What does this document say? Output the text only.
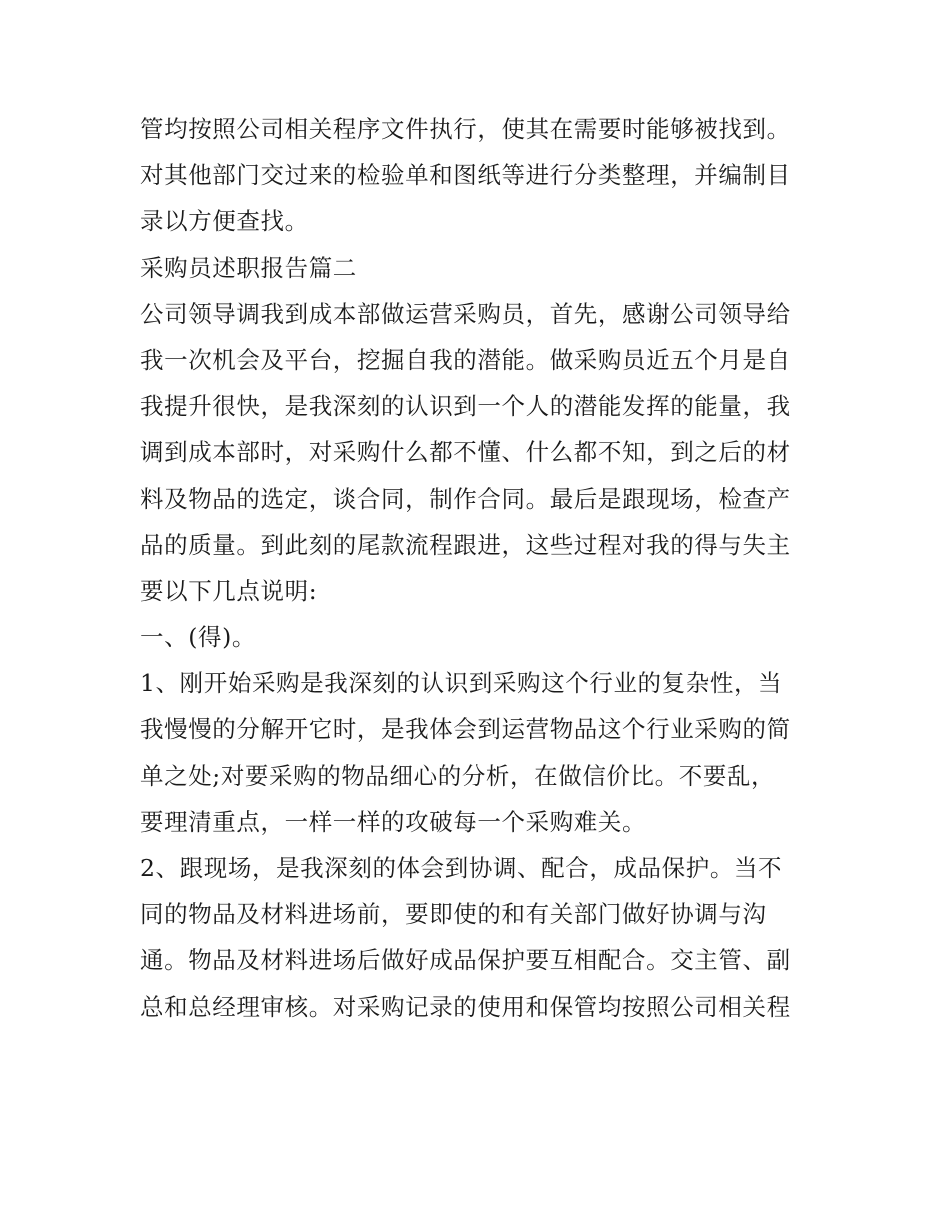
管均按照公司相关程序文件执行，使其在需要时能够被找到。
对其他部门交过来的检验单和图纸等进行分类整理，并编制目
录以方便查找。
采购员述职报告篇二
公司领导调我到成本部做运营采购员，首先，感谢公司领导给
我一次机会及平台，挖掘自我的潜能。做采购员近五个月是自
我提升很快，是我深刻的认识到一个人的潜能发挥的能量，我
调到成本部时，对采购什么都不懂、什么都不知，到之后的材
料及物品的选定，谈合同，制作合同。最后是跟现场，检查产
品的质量。到此刻的尾款流程跟进，这些过程对我的得与失主
要以下几点说明:
一、(得)。
1、刚开始采购是我深刻的认识到采购这个行业的复杂性，当
我慢慢的分解开它时，是我体会到运营物品这个行业采购的简
单之处;对要采购的物品细心的分析，在做信价比。不要乱，
要理清重点，一样一样的攻破每一个采购难关。
2、跟现场，是我深刻的体会到协调、配合，成品保护。当不
同的物品及材料进场前，要即使的和有关部门做好协调与沟
通。物品及材料进场后做好成品保护要互相配合。交主管、副
总和总经理审核。对采购记录的使用和保管均按照公司相关程
